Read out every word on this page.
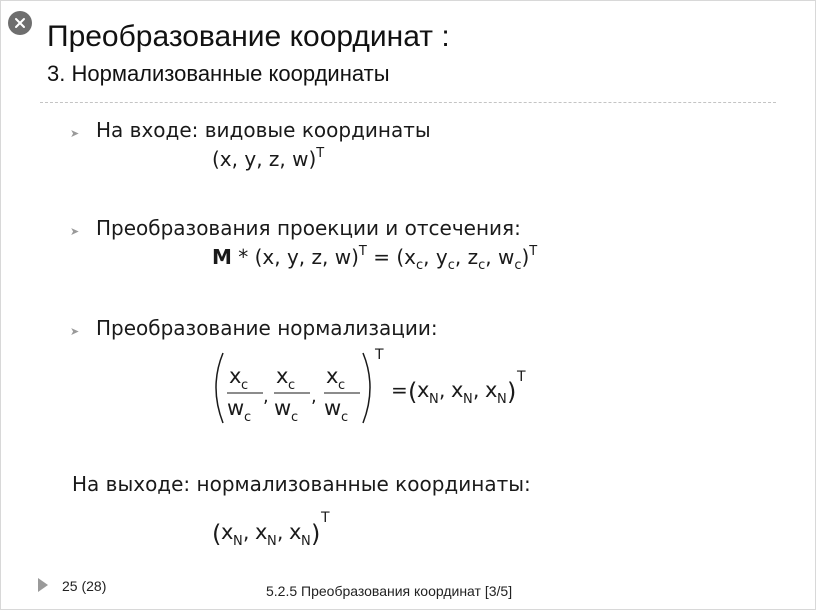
Преобразование координат :
3. Нормализованные координаты
➤ На входе: видовые координаты
(x, y, z, w)$^T$
➤ Преобразования проекции и отсечения:
M * (x, y, z, $w)^T = (x_c$, $y_c$, $z_c$, $w_c)^T$
➤ Преобразование нормализации:
x c
w c
,
x c
w c
,
x c
w c
T
= ( x N , x N , x N )
T
На выходе: нормализованные координаты:
( x N , x N , x N )
T
25 (28)	5.2.5 Преобразования координат [3/5]
